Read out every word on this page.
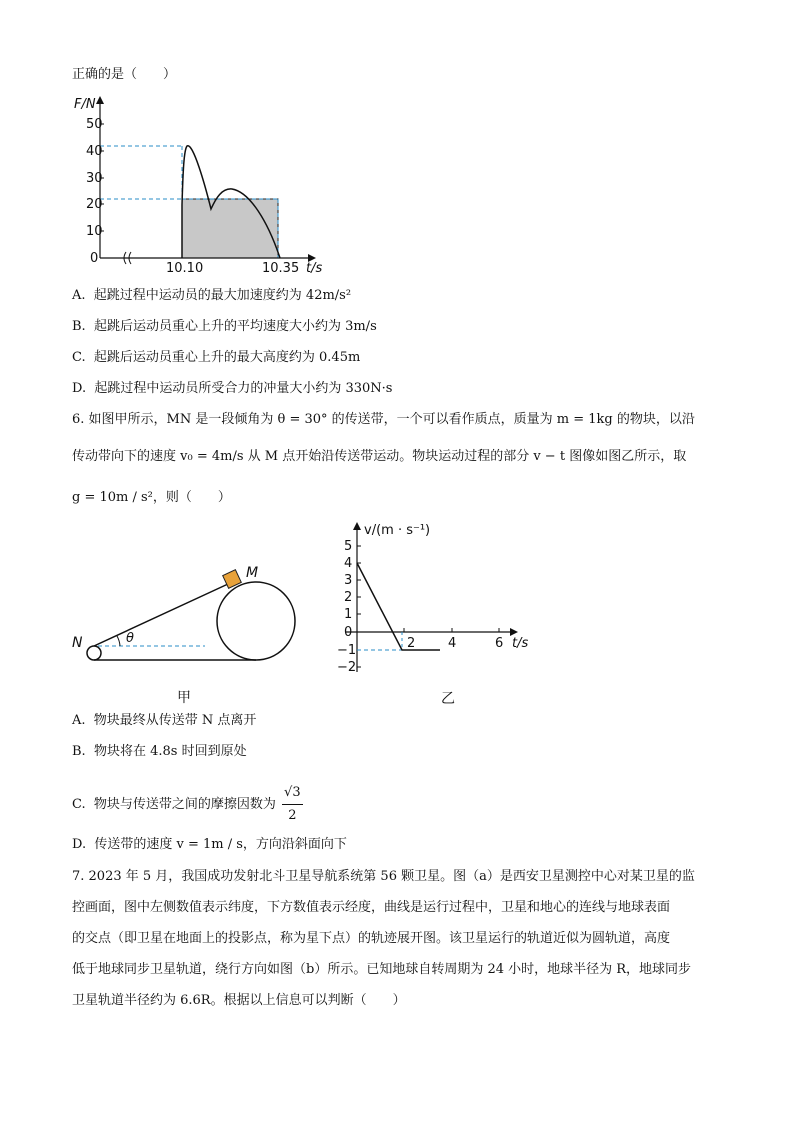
正确的是（　　）
F/N
50
40
30
20
10
0
10.10	10.35 t/s
A. 起跳过程中运动员的最大加速度约为 42m/s²
B. 起跳后运动员重心上升的平均速度大小约为 3m/s
C. 起跳后运动员重心上升的最大高度约为 0.45m
D. 起跳过程中运动员所受合力的冲量大小约为 330N·s
6. 如图甲所示，MN 是一段倾角为 θ = 30° 的传送带，一个可以看作质点，质量为 m = 1kg 的物块，以沿
传动带向下的速度 v₀ = 4m/s 从 M 点开始沿传送带运动。物块运动过程的部分 v − t 图像如图乙所示，取
g = 10m / s²，则（　　）
M
N	θ
甲
v/(m · s⁻¹)
5
4
3
2
1
0
−1
−2
2	4	6 t/s
乙
A. 物块最终从传送带 N 点离开
B. 物块将在 4.8s 时回到原处
C. 物块与传送带之间的摩擦因数为 $\frac{√3}{2}$
D. 传送带的速度 v = 1m / s，方向沿斜面向下
7. 2023 年 5 月，我国成功发射北斗卫星导航系统第 56 颗卫星。图（a）是西安卫星测控中心对某卫星的监
控画面，图中左侧数值表示纬度，下方数值表示经度，曲线是运行过程中，卫星和地心的连线与地球表面
的交点（即卫星在地面上的投影点，称为星下点）的轨迹展开图。该卫星运行的轨道近似为圆轨道，高度
低于地球同步卫星轨道，绕行方向如图（b）所示。已知地球自转周期为 24 小时，地球半径为 R，地球同步
卫星轨道半径约为 6.6R。根据以上信息可以判断（　　）
